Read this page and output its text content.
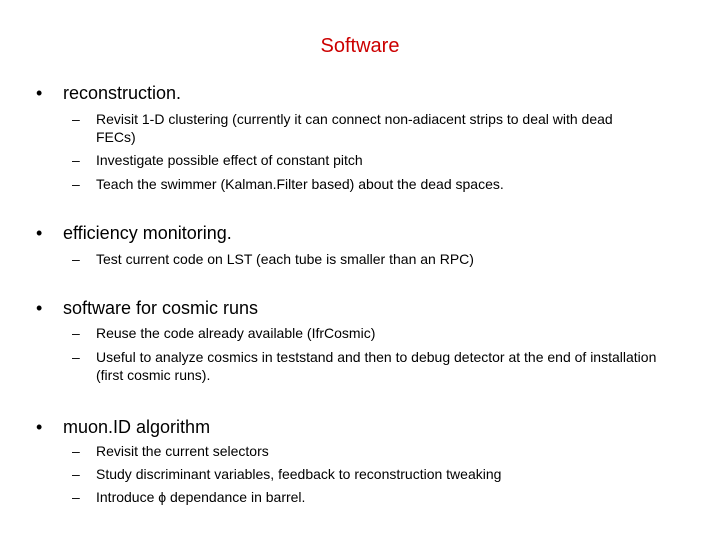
Software
• reconstruction.
– Revisit 1-D clustering (currently it can connect non-adiacent strips to deal with dead FECs)
– Investigate possible effect of constant pitch
– Teach the swimmer (Kalman.Filter based) about the dead spaces.
• efficiency monitoring.
– Test current code on LST (each tube is smaller than an RPC)
• software for cosmic runs
– Reuse the code already available (IfrCosmic)
– Useful to analyze cosmics in teststand and then to debug detector at the end of installation (first cosmic runs).
• muon.ID algorithm
– Revisit the current selectors
– Study discriminant variables, feedback to reconstruction tweaking
– Introduce ϕ dependance in barrel.
